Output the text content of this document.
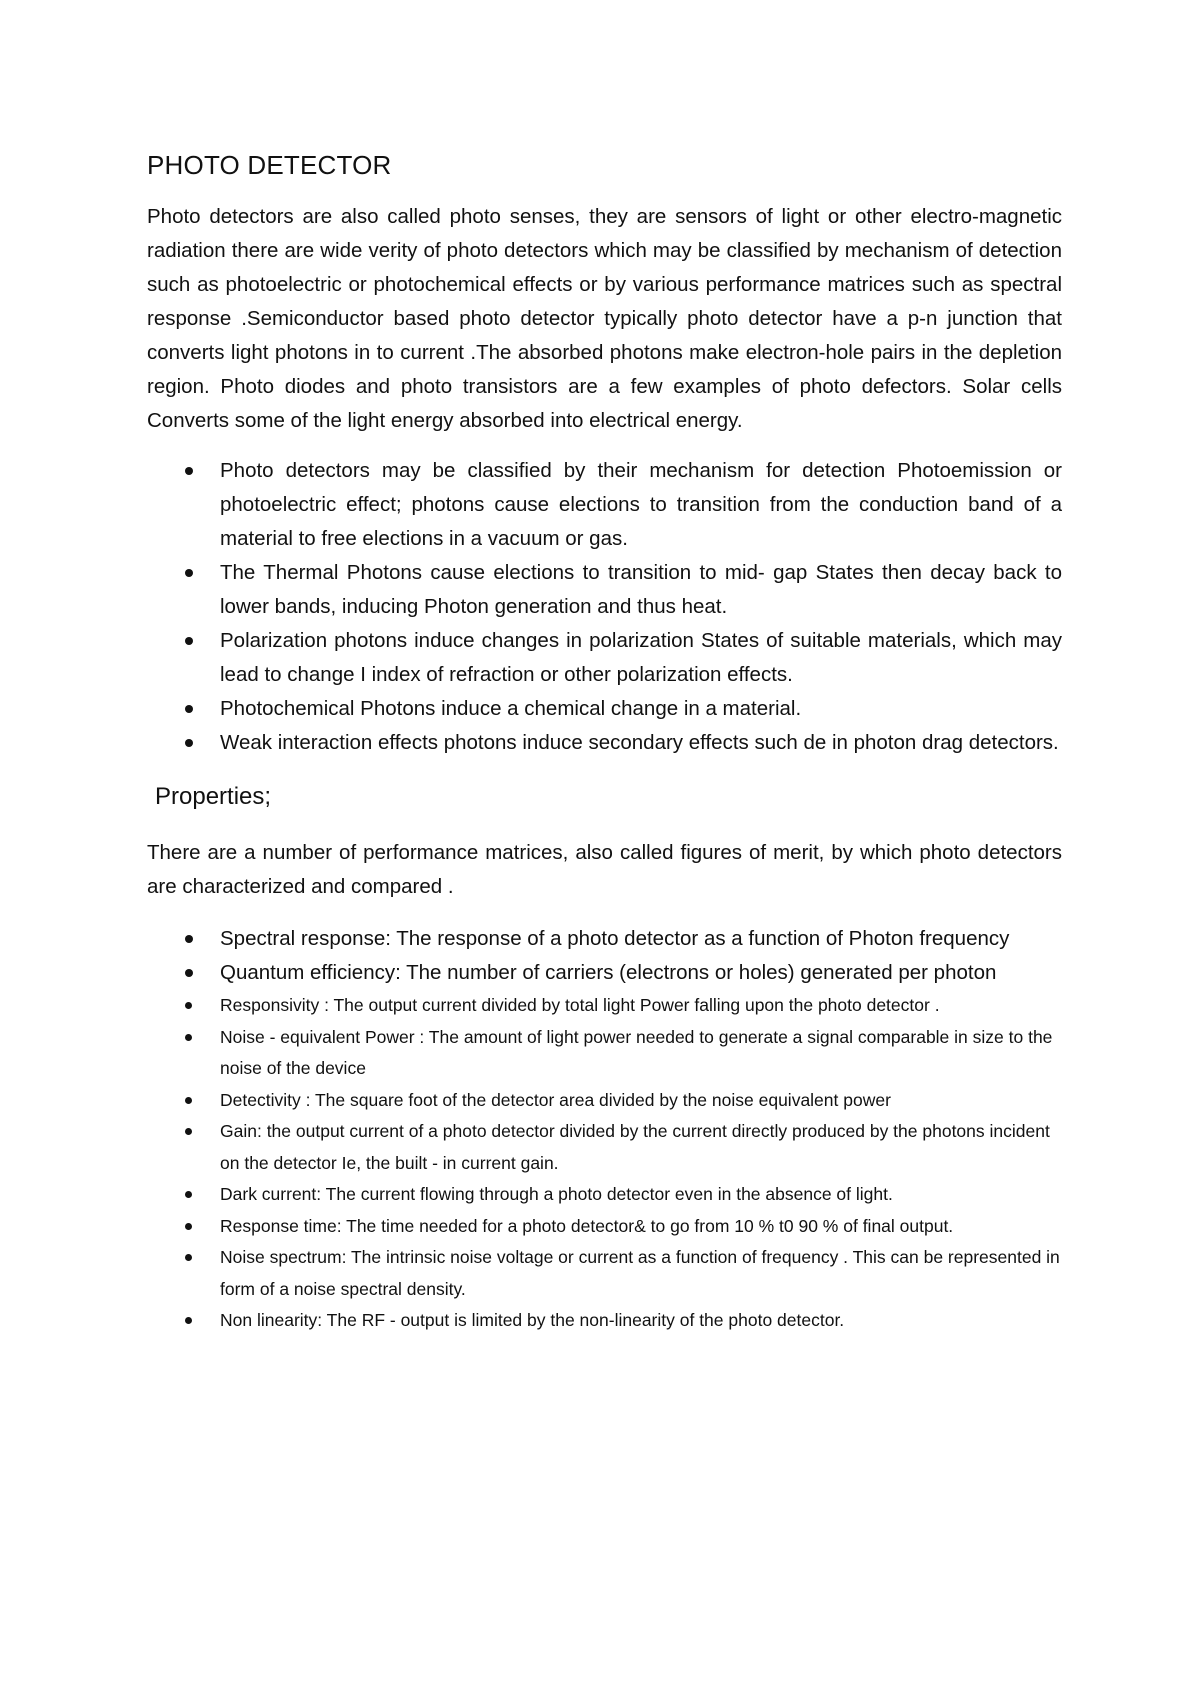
PHOTO DETECTOR

Photo detectors are also called photo senses, they are sensors of light or other electro-magnetic radiation there are wide verity of photo detectors which may be classified by mechanism of detection such as photoelectric or photochemical effects or by various performance matrices such as spectral response .Semiconductor based photo detector typically photo detector have a p-n junction that converts light photons in to current .The absorbed photons make electron-hole pairs in the depletion region. Photo diodes and photo transistors are a few examples of photo defectors. Solar cells Converts some of the light energy absorbed into electrical energy.

Photo detectors may be classified by their mechanism for detection Photoemission or photoelectric effect; photons cause elections to transition from the conduction band of a material to free elections in a vacuum or gas.
The Thermal Photons cause elections to transition to mid- gap States then decay back to lower bands, inducing Photon generation and thus heat.
Polarization photons induce changes in polarization States of suitable materials, which may lead to change I index of refraction or other polarization effects.
Photochemical Photons induce a chemical change in a material.
Weak interaction effects photons induce secondary effects such de in photon drag detectors.
Properties;

There are a number of performance matrices, also called figures of merit, by which photo detectors are characterized and compared .

Spectral response: The response of a photo detector as a function of Photon frequency
Quantum efficiency: The number of carriers (electrons or holes) generated per photon
Responsivity : The output current divided by total light Power falling upon the photo detector .
Noise - equivalent Power : The amount of light power needed to generate a signal comparable in size to the noise of the device
Detectivity : The square foot of the detector area divided by the noise equivalent power
Gain: the output current of a photo detector divided by the current directly produced by the photons incident on the detector Ie, the built - in current gain.
Dark current: The current flowing through a photo detector even in the absence of light.
Response time: The time needed for a photo detector& to go from 10 % t0 90 % of final output.
Noise spectrum: The intrinsic noise voltage or current as a function of frequency . This can be represented in form of a noise spectral density.
Non linearity: The RF - output is limited by the non-linearity of the photo detector.
